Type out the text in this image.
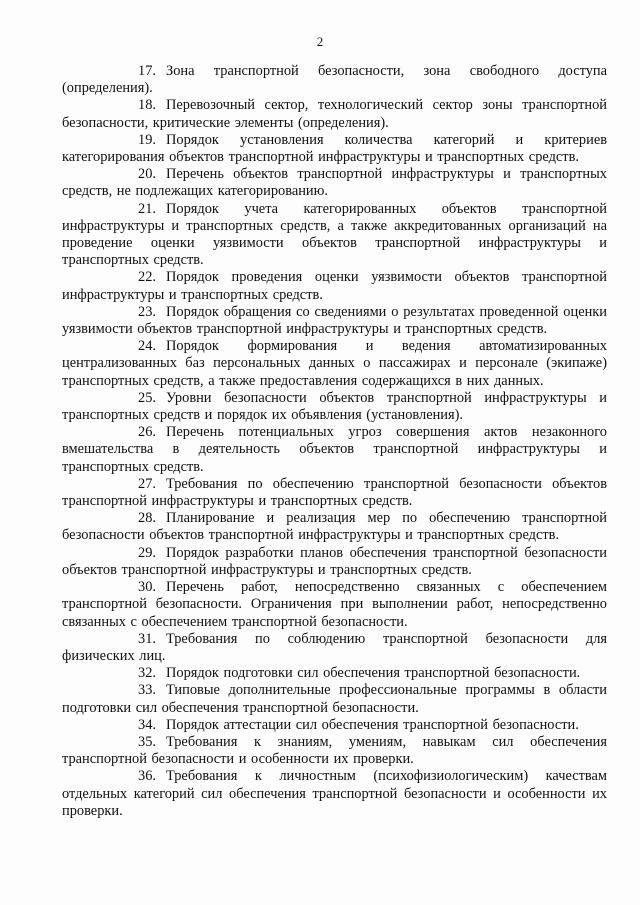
2

17. Зона транспортной безопасности, зона свободного доступа (определения).

18. Перевозочный сектор, технологический сектор зоны транспортной безопасности, критические элементы (определения).

19. Порядок установления количества категорий и критериев категорирования объектов транспортной инфраструктуры и транспортных средств.

20. Перечень объектов транспортной инфраструктуры и транспортных средств, не подлежащих категорированию.

21. Порядок учета категорированных объектов транспортной инфраструктуры и транспортных средств, а также аккредитованных организаций на проведение оценки уязвимости объектов транспортной инфраструктуры и транспортных средств.

22. Порядок проведения оценки уязвимости объектов транспортной инфраструктуры и транспортных средств.

23. Порядок обращения со сведениями о результатах проведенной оценки уязвимости объектов транспортной инфраструктуры и транспортных средств.

24. Порядок формирования и ведения автоматизированных централизованных баз персональных данных о пассажирах и персонале (экипаже) транспортных средств, а также предоставления содержащихся в них данных.

25. Уровни безопасности объектов транспортной инфраструктуры и транспортных средств и порядок их объявления (установления).

26. Перечень потенциальных угроз совершения актов незаконного вмешательства в деятельность объектов транспортной инфраструктуры и транспортных средств.

27. Требования по обеспечению транспортной безопасности объектов транспортной инфраструктуры и транспортных средств.

28. Планирование и реализация мер по обеспечению транспортной безопасности объектов транспортной инфраструктуры и транспортных средств.

29. Порядок разработки планов обеспечения транспортной безопасности объектов транспортной инфраструктуры и транспортных средств.

30. Перечень работ, непосредственно связанных с обеспечением транспортной безопасности. Ограничения при выполнении работ, непосредственно связанных с обеспечением транспортной безопасности.

31. Требования по соблюдению транспортной безопасности для физических лиц.

32. Порядок подготовки сил обеспечения транспортной безопасности.

33. Типовые дополнительные профессиональные программы в области подготовки сил обеспечения транспортной безопасности.

34. Порядок аттестации сил обеспечения транспортной безопасности.

35. Требования к знаниям, умениям, навыкам сил обеспечения транспортной безопасности и особенности их проверки.

36. Требования к личностным (психофизиологическим) качествам отдельных категорий сил обеспечения транспортной безопасности и особенности их проверки.
